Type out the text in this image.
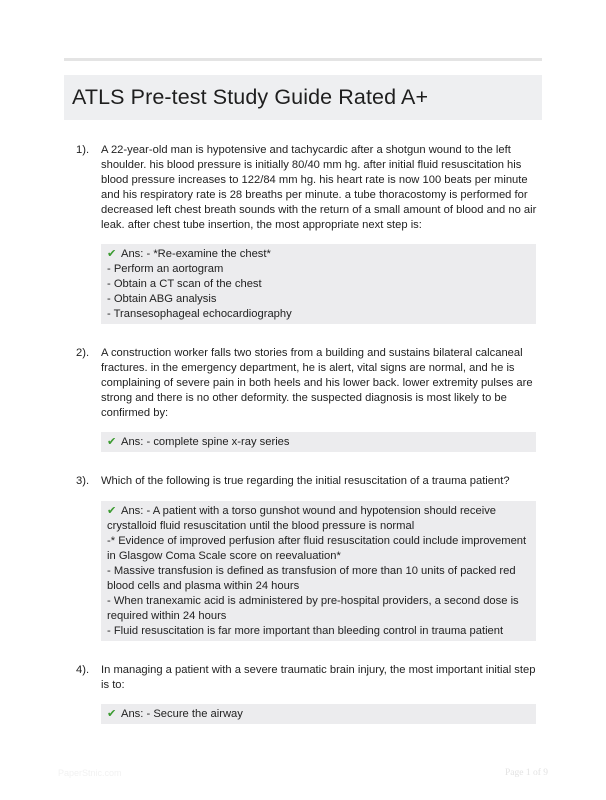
ATLS Pre-test Study Guide Rated A+
1). A 22-year-old man is hypotensive and tachycardic after a shotgun wound to the left shoulder. his blood pressure is initially 80/40 mm hg. after initial fluid resuscitation his blood pressure increases to 122/84 mm hg. his heart rate is now 100 beats per minute and his respiratory rate is 28 breaths per minute. a tube thoracostomy is performed for decreased left chest breath sounds with the return of a small amount of blood and no air leak. after chest tube insertion, the most appropriate next step is:

✔ Ans: - *Re-examine the chest*
- Perform an aortogram
- Obtain a CT scan of the chest
- Obtain ABG analysis
- Transesophageal echocardiography
2). A construction worker falls two stories from a building and sustains bilateral calcaneal fractures. in the emergency department, he is alert, vital signs are normal, and he is complaining of severe pain in both heels and his lower back. lower extremity pulses are strong and there is no other deformity. the suspected diagnosis is most likely to be confirmed by:

✔ Ans: - complete spine x-ray series
3). Which of the following is true regarding the initial resuscitation of a trauma patient?

✔ Ans: - A patient with a torso gunshot wound and hypotension should receive crystalloid fluid resuscitation until the blood pressure is normal
-* Evidence of improved perfusion after fluid resuscitation could include improvement in Glasgow Coma Scale score on reevaluation*
- Massive transfusion is defined as transfusion of more than 10 units of packed red blood cells and plasma within 24 hours
- When tranexamic acid is administered by pre-hospital providers, a second dose is required within 24 hours
- Fluid resuscitation is far more important than bleeding control in trauma patient
4). In managing a patient with a severe traumatic brain injury, the most important initial step is to:

✔ Ans: - Secure the airway
PaperStnic.com	Page 1 of 9
